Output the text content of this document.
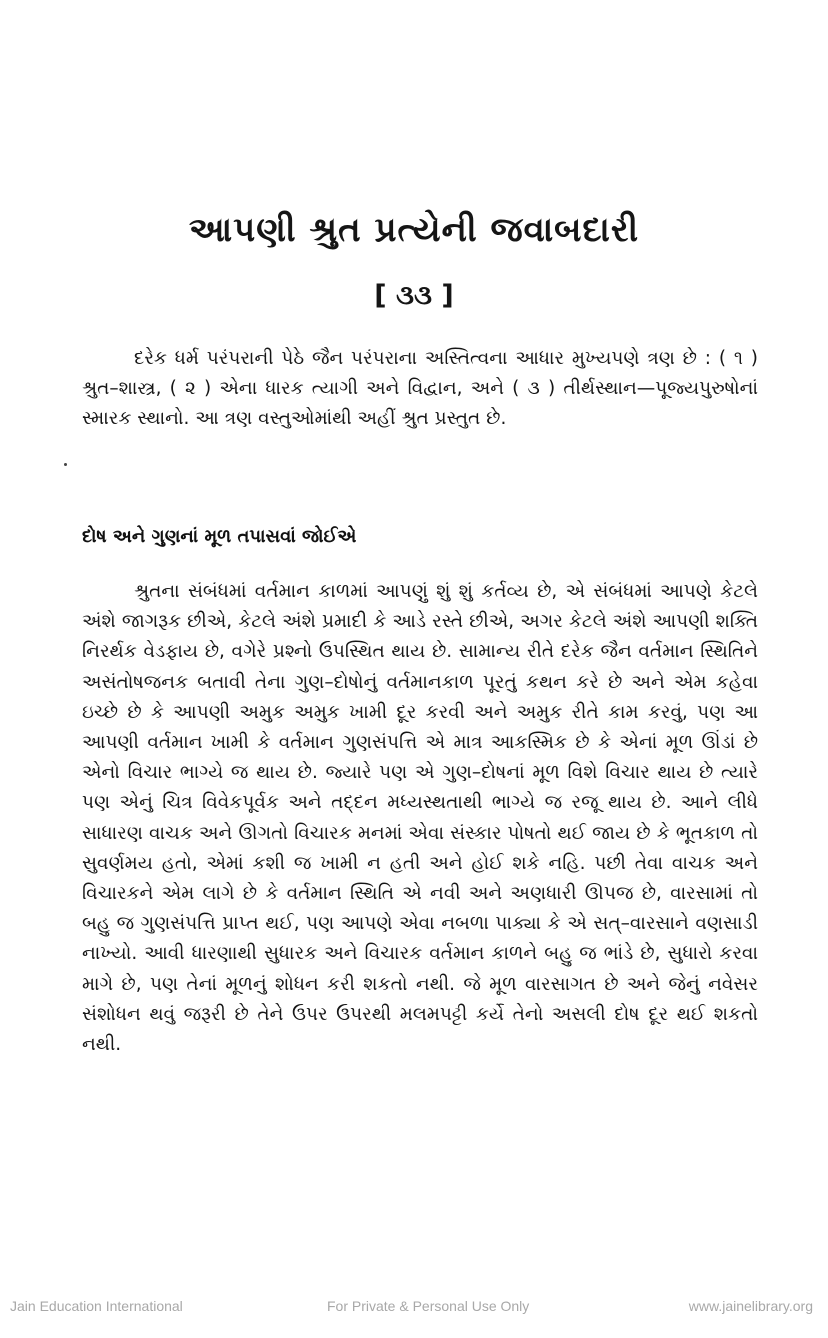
આપણી શ્રુત પ્રત્યેની જવાબદારી
[ ૩૩ ]

દરેક ધર્મ પરંપરાની પેઠે જૈન પરંપરાના અસ્તિત્વના આધાર મુખ્યપણે ત્રણ છે : ( ૧ ) શ્રુત–શાસ્ત્ર, ( ૨ ) એના ધારક ત્યાગી અને વિદ્વાન, અને ( ૩ ) તીર્થસ્થાન—પૂજ્યપુરુષોનાં સ્મારક સ્થાનો. આ ત્રણ વસ્તુઓમાંથી અહીં શ્રુત પ્રસ્તુત છે.

દોષ અને ગુણનાં મૂળ તપાસવાં જોઈએ

શ્રુતના સંબંધમાં વર્તમાન કાળમાં આપણું શું શું કર્તવ્ય છે, એ સંબંધમાં આપણે કેટલે અંશે જાગરૂક છીએ, કેટલે અંશે પ્રમાદી કે આડે રસ્તે છીએ, અગર કેટલે અંશે આપણી શક્તિ નિરર્થક વેડફાય છે, વગેરે પ્રશ્નો ઉપસ્થિત થાય છે. સામાન્ય રીતે દરેક જૈન વર્તમાન સ્થિતિને અસંતોષજનક બતાવી તેના ગુણ–દોષોનું વર્તમાનકાળ પૂરતું કથન કરે છે અને એમ કહેવા ઇચ્છે છે કે આપણી અમુક અમુક ખામી દૂર કરવી અને અમુક રીતે કામ કરવું, પણ આ આપણી વર્તમાન ખામી કે વર્તમાન ગુણસંપત્તિ એ માત્ર આકસ્મિક છે કે એનાં મૂળ ઊંડાં છે એનો વિચાર ભાગ્યે જ થાય છે. જ્યારે પણ એ ગુણ–દોષનાં મૂળ વિશે વિચાર થાય છે ત્યારે પણ એનું ચિત્ર વિવેકપૂર્વક અને તદ્દન મધ્યસ્થતાથી ભાગ્યે જ રજૂ થાય છે. આને લીધે સાધારણ વાચક અને ઊગતો વિચારક મનમાં એવા સંસ્કાર પોષતો થઈ જાય છે કે ભૂતકાળ તો સુવર્ણમય હતો, એમાં કશી જ ખામી ન હતી અને હોઈ શકે નહિ. પછી તેવા વાચક અને વિચારકને એમ લાગે છે કે વર્તમાન સ્થિતિ એ નવી અને અણધારી ઊપજ છે, વારસામાં તો બહુ જ ગુણસંપત્તિ પ્રાપ્ત થઈ, પણ આપણે એવા નબળા પાક્યા કે એ સત્–વારસાને વણસાડી નાખ્યો. આવી ધારણાથી સુધારક અને વિચારક વર્તમાન કાળને બહુ જ ભાંડે છે, સુધારો કરવા માગે છે, પણ તેનાં મૂળનું શોધન કરી શકતો નથી. જે મૂળ વારસાગત છે અને જેનું નવેસર સંશોધન થવું જરૂરી છે તેને ઉપર ઉપરથી મલમપટ્ટી કર્યે તેનો અસલી દોષ દૂર થઈ શકતો નથી.

Jain Education International	For Private & Personal Use Only	www.jainelibrary.org
